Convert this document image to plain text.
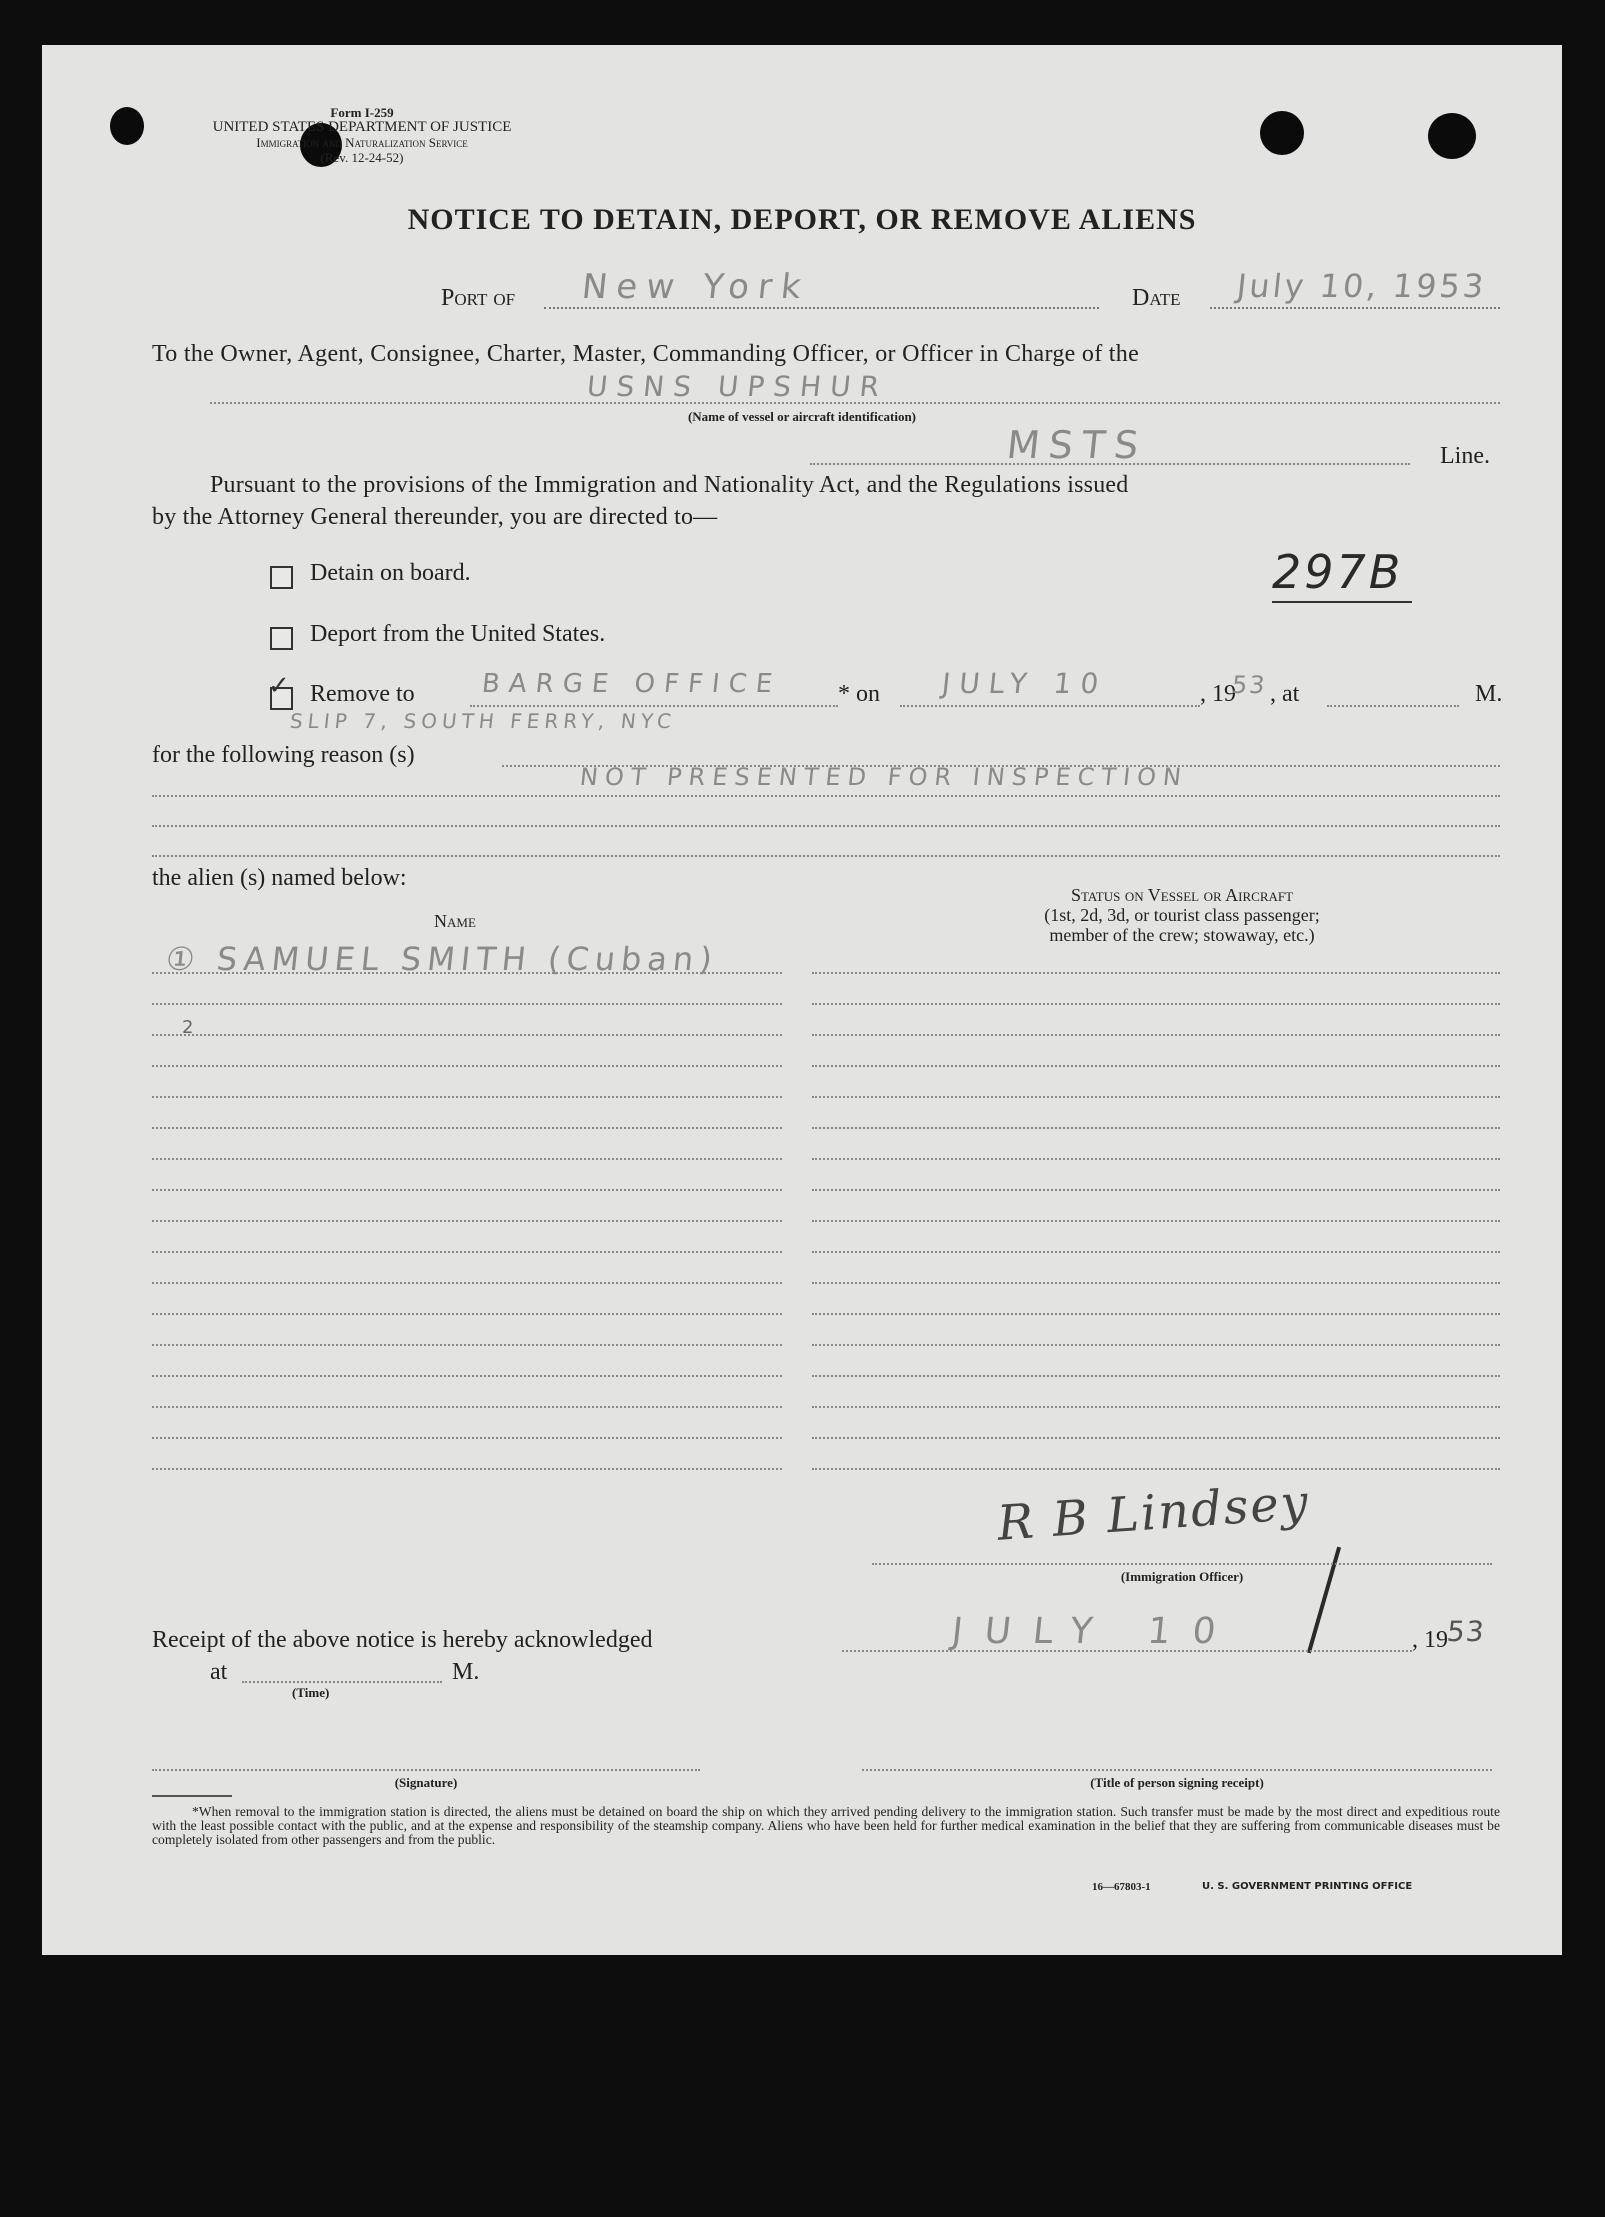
Form I-259
UNITED STATES DEPARTMENT OF JUSTICE
Immigration and Naturalization Service
(Rev. 12-24-52)
NOTICE TO DETAIN, DEPORT, OR REMOVE ALIENS
Port of New York	Date July 10, 1953
To the Owner, Agent, Consignee, Charter, Master, Commanding Officer, or Officer in Charge of the
USNS UPSHUR
(Name of vessel or aircraft identification)
MSTS	Line.
Pursuant to the provisions of the Immigration and Nationality Act, and the Regulations issued
by the Attorney General thereunder, you are directed to—
297B
Detain on board.
Deport from the United States.
✓ Remove to	BARGE OFFICE
SLIP 7, SOUTH FERRY, NYC
* on JULY 10	, 19
53 , at	M.
for the following reason (s)
NOT PRESENTED FOR INSPECTION
the alien (s) named below:
Name
Status on Vessel or Aircraft
(1st, 2d, 3d, or tourist class passenger;
member of the crew; stowaway, etc.)
① SAMUEL SMITH (Cuban)
2
R B Lindsey
(Immigration Officer)
Receipt of the above notice is hereby acknowledged	JULY 10	, 19
53
at	M.
(Time)
(Signature)	(Title of person signing receipt)
*When removal to the immigration station is directed, the aliens must be detained on board the ship on which they arrived pending delivery to the immigration station. Such transfer must be made by the most direct and expeditious route with the least possible contact with the public, and at the expense and responsibility of the steamship company. Aliens who have been held for further medical examination in the belief that they are suffering from communicable diseases must be completely isolated from other passengers and from the public.
16—67803-1	U. S. GOVERNMENT PRINTING OFFICE
